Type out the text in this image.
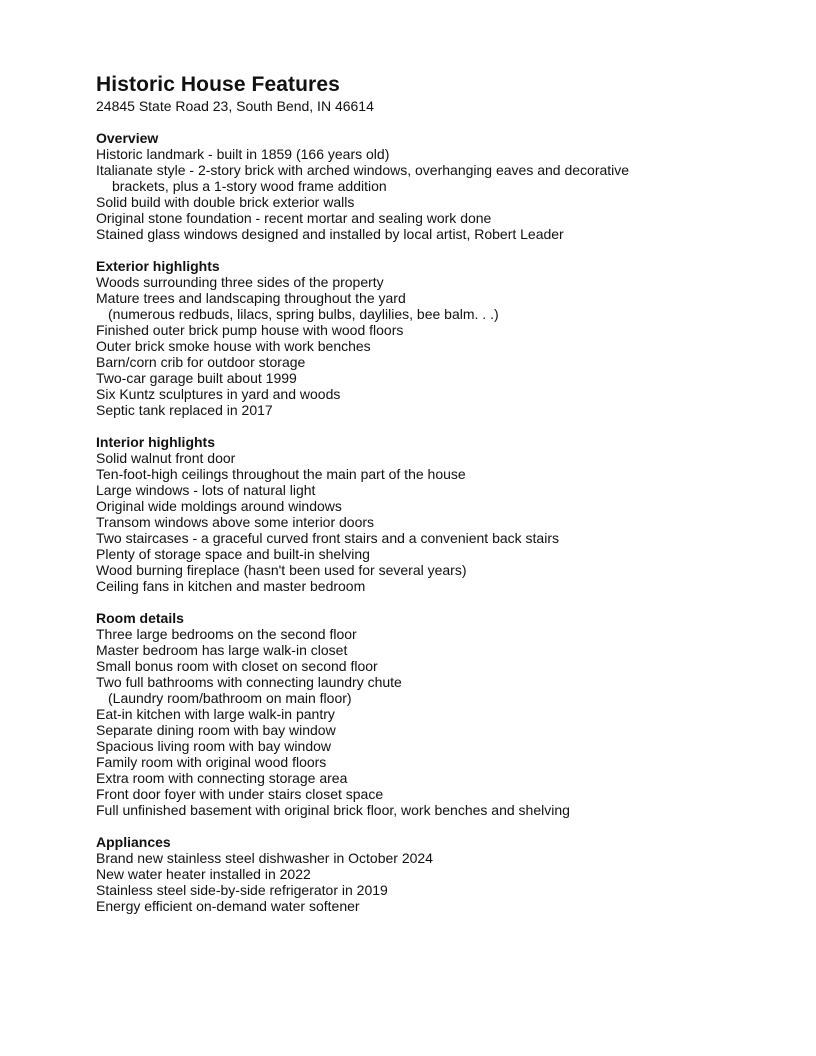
Historic House Features

24845 State Road 23, South Bend, IN 46614

Overview

Historic landmark - built in 1859 (166 years old)

Italianate style - 2-story brick with arched windows, overhanging eaves and decorative

brackets, plus a 1-story wood frame addition

Solid build with double brick exterior walls

Original stone foundation - recent mortar and sealing work done

Stained glass windows designed and installed by local artist, Robert Leader

Exterior highlights

Woods surrounding three sides of the property

Mature trees and landscaping throughout the yard

(numerous redbuds, lilacs, spring bulbs, daylilies, bee balm. . .)

Finished outer brick pump house with wood floors

Outer brick smoke house with work benches

Barn/corn crib for outdoor storage

Two-car garage built about 1999

Six Kuntz sculptures in yard and woods

Septic tank replaced in 2017

Interior highlights

Solid walnut front door

Ten-foot-high ceilings throughout the main part of the house

Large windows - lots of natural light

Original wide moldings around windows

Transom windows above some interior doors

Two staircases - a graceful curved front stairs and a convenient back stairs

Plenty of storage space and built-in shelving

Wood burning fireplace (hasn't been used for several years)

Ceiling fans in kitchen and master bedroom

Room details

Three large bedrooms on the second floor

Master bedroom has large walk-in closet

Small bonus room with closet on second floor

Two full bathrooms with connecting laundry chute

(Laundry room/bathroom on main floor)

Eat-in kitchen with large walk-in pantry

Separate dining room with bay window

Spacious living room with bay window

Family room with original wood floors

Extra room with connecting storage area

Front door foyer with under stairs closet space

Full unfinished basement with original brick floor, work benches and shelving

Appliances

Brand new stainless steel dishwasher in October 2024

New water heater installed in 2022

Stainless steel side-by-side refrigerator in 2019

Energy efficient on-demand water softener
